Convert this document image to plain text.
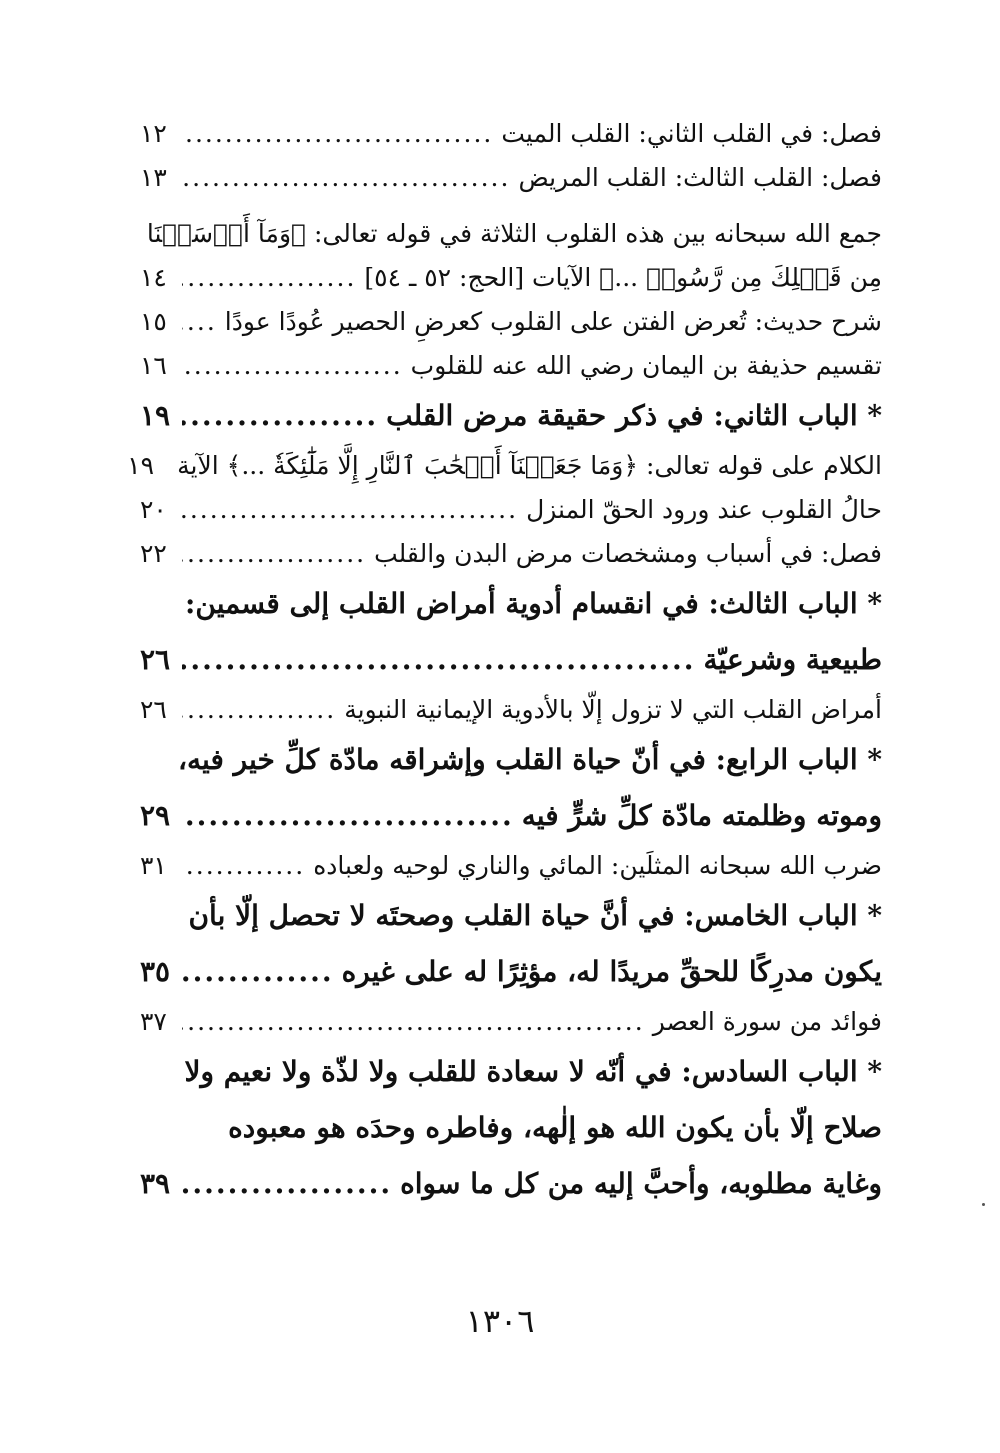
فصل: في القلب الثاني: القلب الميت
.....
١٢
فصل: القلب الثالث: القلب المريض
.....
١٣
جمع الله سبحانه بين هذه القلوب الثلاثة في قوله تعالى: ﴿وَمَآ أَرۡسَلۡنَا
مِن قَبۡلِكَ مِن رَّسُولٖ ...﴾ الآيات [الحج: ٥٢ ـ ٥٤]
.....
١٤
شرح حديث: تُعرض الفتن على القلوب كعرضِ الحصير عُودًا عودًا
.....
١٥
تقسيم حذيفة بن اليمان رضي الله عنه للقلوب
.....
١٦
* الباب الثاني: في ذكر حقيقة مرض القلب
.....
١٩
الكلام على قوله تعالى: ﴿وَمَا جَعَلۡنَآ أَصۡحَٰبَ ٱلنَّارِ إِلَّا مَلَٰٓئِكَةٗ ...﴾ الآية
١٩
حالُ القلوب عند ورود الحقّ المنزل
.....
٢٠
فصل: في أسباب ومشخصات مرض البدن والقلب
.....
٢٢
* الباب الثالث: في انقسام أدوية أمراض القلب إلى قسمين:
طبيعية وشرعيّة
.....
٢٦
أمراض القلب التي لا تزول إلّا بالأدوية الإيمانية النبوية
.....
٢٦
* الباب الرابع: في أنّ حياة القلب وإشراقه مادّة كلِّ خير فيه،
وموته وظلمته مادّة كلِّ شرٍّ فيه
.....
٢٩
ضرب الله سبحانه المثلَين: المائي والناري لوحيه ولعباده
.....
٣١
* الباب الخامس: في أنَّ حياة القلب وصحتَه لا تحصل إلّا بأن
يكون مدرِكًا للحقِّ مريدًا له، مؤثِرًا له على غيره
.....
٣٥
فوائد من سورة العصر
.....
٣٧
* الباب السادس: في أنّه لا سعادة للقلب ولا لذّة ولا نعيم ولا
صلاح إلّا بأن يكون الله هو إلٰهه، وفاطره وحدَه هو معبوده
وغاية مطلوبه، وأحبَّ إليه من كل ما سواه
.....
٣٩
١٣٠٦
